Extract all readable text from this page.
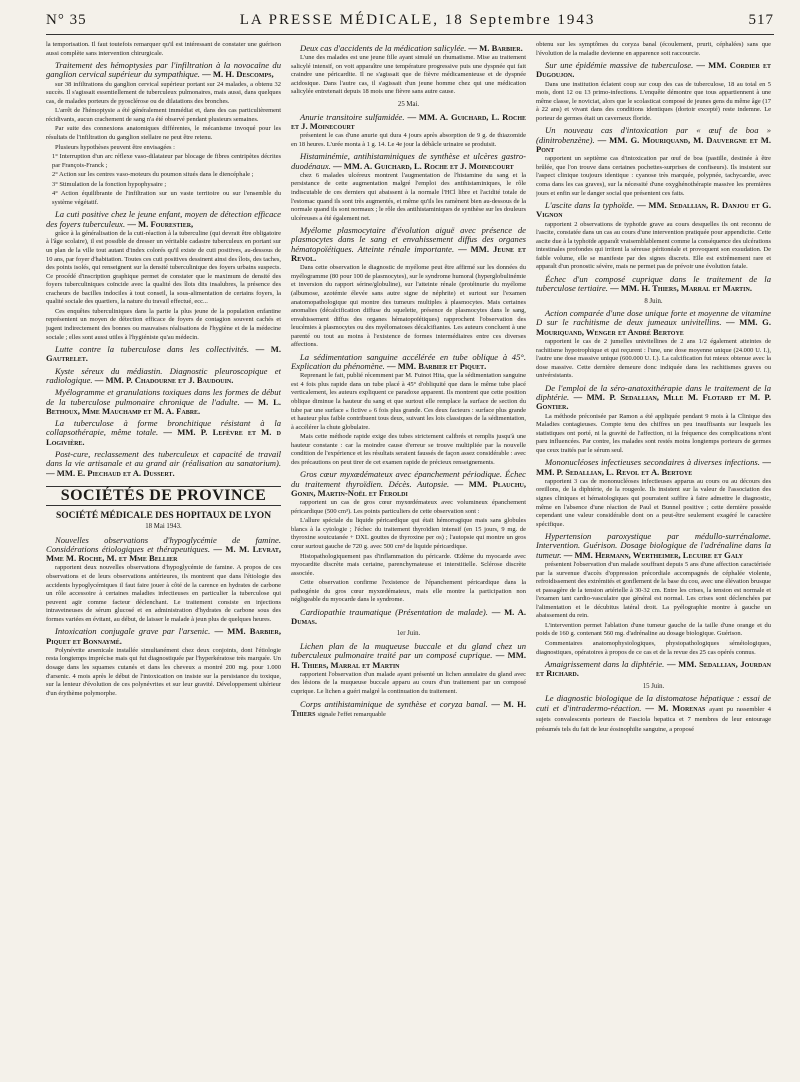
N° 35	LA PRESSE MÉDICALE, 18 Septembre 1943	517

la temporisation. Il faut toutefois remarquer qu'il est intéressant de constater une guérison aussi complète sans intervention chirurgicale.

Traitement des hémoptysies par l'infiltration à la novocaïne du ganglion cervical supérieur du sympathique. — M. H. Descomps,

sur 38 infiltrations du ganglion cervical supérieur portant sur 24 malades, a obtenu 32 succès. Il s'agissait essentiellement de tuberculeux pulmonaires, mais aussi, dans quelques cas, de malades porteurs de pyosclérose ou de dilatations des bronches.

L'arrêt de l'hémoptysie a été généralement immédiat et, dans des cas particulièrement récidivants, aucun crachement de sang n'a été observé pendant plusieurs semaines.

Par suite des connexions anatomiques différentes, le mécanisme invoqué pour les résultats de l'infiltration du ganglion stellaire ne peut être retenu.

Plusieurs hypothèses peuvent être envisagées :

1° Interruption d'un arc réflexe vaso-dilatateur par blocage de fibres centripètes décrites par François-Franck ;

2° Action sur les centres vaso-moteurs du poumon situés dans le diencéphale ;

3° Stimulation de la fonction hypophysaire ;

4° Action équilibrante de l'infiltration sur un vaste territoire ou sur l'ensemble du système végétatif.

La cuti positive chez le jeune enfant, moyen de détection efficace des foyers tuberculeux. — M. Fourestier,

grâce à la généralisation de la cuti-réaction à la tuberculine (qui devrait être obligatoire à l'âge scolaire), il est possible de dresser un véritable cadastre tuberculeux en portant sur un plan de la ville tout autant d'index colorés qu'il existe de cuti positives, au-dessous de 10 ans, par foyer d'habitation. Toutes ces cuti positives dessinent ainsi des îlots, des taches, des points isolés, qui renseignent sur la densité tuberculinique des foyers urbains suspects. Ce procédé d'inscription graphique permet de constater que le maximum de densité des foyers tuberculiniques coïncide avec la qualité des îlots dits insalubres, la présence des cracheurs de bacilles indociles à tout conseil, la sous-alimentation de certains foyers, la qualité sociale des quartiers, la nature du travail effectué, ecc...

Ces enquêtes tuberculiniques dans la partie la plus jeune de la population enfantine représentent un moyen de détection efficace de foyers de contagion souvent cachés et jugent indirectement des bonnes ou mauvaises réalisations de l'hygiène et de la médecine sociale ; elles sont aussi utiles à l'hygiéniste qu'au médecin.

Lutte contre la tuberculose dans les collectivités. — M. Gautrelet.

Kyste séreux du médiastin. Diagnostic pleuroscopique et radiologique. — MM. P. Chadourne et J. Baudouin.

Myélogramme et granulations toxiques dans les formes de début de la tuberculose pulmonaire chronique de l'adulte. — M. L. Bethoux, Mme Mauchamp et M. A. Fabre.

La tuberculose à forme bronchitique résistant à la collapsothérapie, même totale. — MM. P. Lefèvre et M. d Logivière.

Post-cure, reclassement des tuberculeux et capacité de travail dans la vie artisanale et au grand air (réalisation au sanatorium). — MM. E. Piechaud et A. Dussert.

SOCIÉTÉS DE PROVINCE
SOCIÉTÉ MÉDICALE DES HOPITAUX DE LYON
18 Mai 1943.

Nouvelles observations d'hypoglycémie de famine. Considérations étiologiques et thérapeutiques. — M. M. Levrat, Mme M. Roche, M. et Mme Bellier

rapportent deux nouvelles observations d'hypoglycémie de famine. A propos de ces observations et de leurs observations antérieures, ils montrent que dans l'étiologie des accidents hypoglycémiques il faut faire jouer à côté de la carence en hydrates de carbone un rôle accessoire à certaines maladies infectieuses en particulier la tuberculose qui peuvent agir comme facteur déclenchant. Le traitement consiste en injections intraveineuses de sérum glucosé et en administration d'hydrates de carbone sous des formes variées en évitant, au début, de laisser le malade à jeun plus de quelques heures.

Intoxication conjugale grave par l'arsenic. — MM. Barbier, Piquet et Bonnaymé.

Polynévrite arsenicale installée simultanément chez deux conjoints, dont l'étiologie resta longtemps imprécise mais qui fut diagnostiquée par l'hyperkératose très marquée. Un dosage dans les squames cutanés et dans les cheveux a montré 200 mg. pour 1.000 d'arsenic. 4 mois après le début de l'intoxication on insiste sur la persistance du toxique, sur la lenteur d'évolution de ces polynévrites et sur leur gravité. Développement ultérieur d'un érythème polymorphe.

Deux cas d'accidents de la médication salicylée. — M. Barbier.

L'une des malades est une jeune fille ayant simulé un rhumatisme. Mise au traitement salicylé intensif, on voit apparaître une température progressive puis une dyspnée qui fait craindre une péricardite. Il ne s'agissait que de fièvre médicamenteuse et de dyspnée acidosique. Dans l'autre cas, il s'agissait d'un jeune homme chez qui une médication salicylée entretenait depuis 18 mois une fièvre sans autre cause.

25 Mai.

Anurie transitoire sulfamidée. — MM. A. Guichard, L. Roche et J. Moinecourt

présentent le cas d'une anurie qui dura 4 jours après absorption de 9 g. de thiazomide en 18 heures. L'urée monta à 1 g. 14. Le 4e jour la débâcle urinaire se produisit.

Histaminémie, antihistaminiques de synthèse et ulcères gastro-duodénaux. — MM. A. Guichard, L. Roche et J. Moinecourt

chez 6 malades ulcéreux montrent l'augmentation de l'histamine du sang et la persistance de cette augmentation malgré l'emploi des antihistaminiques, le rôle indiscutable de ces derniers qui abaissent à la normale l'HCl libre et l'acidité totale de l'estomac quand ils sont très augmentés, et même qu'ils les ramènent bien au-dessous de la normale quand ils sont normaux ; le rôle des antihistaminiques de synthèse sur les douleurs ulcéreuses a été également net.

Myélome plasmocytaire d'évolution aiguë avec présence de plasmocytes dans le sang et envahissement diffus des organes hématopoïétiques. Atteinte rénale importante. — MM. Jeune et Revol.

Dans cette observation le diagnostic de myélome peut être affirmé sur les données du myélogramme (80 pour 100 de plasmocytes), sur le syndrome humoral (hyperglobulinémie et inversion du rapport sérine/globuline), sur l'atteinte rénale (protéinurie du myélome (albumose, azotémie élevée sans autre signe de néphrite) et surtout sur l'examen anatomopathologique qui montre des tumeurs multiples à plasmocytes. Mais certaines anomalies (décalcification diffuse du squelette, présence de plasmocytes dans le sang, envahissement diffus des organes hématopoïétiques) rapprochent l'observation des leucémies à plasmocytes ou des myélomatoses décalcifiantes. Les auteurs concluent à une parenté ou tout au moins à l'existence de formes intermédiaires entre ces diverses affections.

La sédimentation sanguine accélérée en tube oblique à 45°. Explication du phénomène. — MM. Barbier et Piquet.

Reprenant le fait, publié récemment par M. Fuinot Hita, que la sédimentation sanguine est 4 fois plus rapide dans un tube placé à 45° d'obliquité que dans le même tube placé verticalement, les auteurs expliquent ce paradoxe apparent. Ils montrent que cette position oblique diminue la hauteur du sang et que surtout elle remplace la surface de section du tube par une surface « fictive » 6 fois plus grande. Ces deux facteurs : surface plus grande et hauteur plus faible contribuent tous deux, suivant les lois classiques de la sédimentation, à accélérer la chute globulaire.

Mais cette méthode rapide exige des tubes strictement calibrés et remplis jusqu'à une hauteur constante : car la moindre cause d'erreur se trouve multipliée par la nouvelle condition de l'expérience et les résultats seraient faussés de façon assez considérable : avec des précautions on peut tirer de cet examen rapide de précieux renseignements.

Gros cœur myxœdémateux avec épanchement périodique. Échec du traitement thyroïdien. Décès. Autopsie. — MM. Plauchu, Gonin, Martin-Noël et Feroldi

rapportent un cas de gros cœur myxœdémateux avec volumineux épanchement péricardique (500 cm³). Les points particuliers de cette observation sont :

L'allure spéciale du liquide péricardique qui était hémorragique mais sans globules blancs à la cytologie ; l'échec du traitement thyroïdien intensif (en 15 jours, 9 mg. de thyroxine soutcutanée + DXL gouttes de thyroxine per os) ; l'autopsie qui montre un gros cœur surtout gauche de 720 g. avec 500 cm³ de liquide péricardique.

Histopathologiquement pas d'inflammation du péricarde. Œdème du myocarde avec myocardite discrète mais certaine, parenchymateuse et interstitielle. Sclérose discrète associée.

Cette observation confirme l'existence de l'épanchement péricardique dans la pathogénie du gros cœur myxœdémateux, mais elle montre la participation non négligeable du myocarde dans le syndrome.

Cardiopathie traumatique (Présentation de malade). — M. A. Dumas.

1er Juin.

Lichen plan de la muqueuse buccale et du gland chez un tuberculeux pulmonaire traité par un composé cuprique. — MM. H. Thiers, Marral et Martin

rapportent l'observation d'un malade ayant présenté un lichen annulaire du gland avec des lésions de la muqueuse buccale apparu au cours d'un traitement par un composé cuprique. Le lichen a guéri malgré la continuation du traitement.

Corps antihistaminique de synthèse et coryza banal. — M. H. Thiers signale l'effet remarquable

obtenu sur les symptômes du coryza banal (écoulement, prurit, céphalées) sans que l'évolution de la maladie devienne en apparence soit raccourcie.

Sur une épidémie massive de tuberculose. — MM. Cordier et Dugoujon.

Dans une institution éclatent coup sur coup des cas de tuberculose, 18 au total en 5 mois, dont 12 ou 13 primo-infections. L'enquête démontre que tous appartiennent à une même classe, le noviciat, alors que le scolasticat composé de jeunes gens du même âge (17 à 22 ans) et vivant dans des conditions identiques (dortoir excepté) reste indemne. Le porteur de germes était un caverneux floride.

Un nouveau cas d'intoxication par « œuf de boa » (dinitrobenzène). — MM. G. Mouriquand, M. Dauvergne et M. Pont

rapportent un septième cas d'intoxication par œuf de boa (pastille, destinée à être brûlée, que l'on trouve dans certaines pochettes-surprises de confiseurs). Ils insistent sur l'aspect clinique toujours identique : cyanose très marquée, polypnée, tachycardie, avec coma dans les cas graves), sur la nécessité d'une oxyghénothérapie massive les premières jours et enfin sur le danger social que présentent ces faits.

L'ascite dans la typhoïde. — MM. Sedallian, R. Danjou et G. Vignon

rapportent 2 observations de typhoïde grave au cours desquelles ils ont reconnu de l'ascite, constatée dans un cas au cours d'une intervention pratiquée pour appendicite. Cette ascite due à la typhoïde apparaît vraisemblablement comme la conséquence des ulcérations intestinales profondes qui irritent la séreuse péritonéale et provoquent son exsudation. De faible volume, elle se manifeste par des signes discrets. Elle est extrêmement rare et apparaît d'un pronostic sévère, mais ne permet pas de prévoir une évolution fatale.

Échec d'un composé cuprique dans le traitement de la tuberculose tertiaire. — MM. H. Thiers, Marral et Martin.

8 Juin.

Action comparée d'une dose unique forte et moyenne de vitamine D sur le rachitisme de deux jumeaux univitellins. — MM. G. Mouriquand, Wenger et André Bertoye

rapportent le cas de 2 jumelles univitellines de 2 ans 1/2 également atteintes de rachitisme hypotrophique et qui reçurent : l'une, une dose moyenne unique (24.000 U. I.), l'autre une dose massive unique (600.000 U. I.). La calcification fut mieux obtenue avec la dose massive. Cette dernière demeure donc indiquée dans les rachitismes graves ou univérsistants.

De l'emploi de la séro-anatoxithérapie dans le traitement de la diphtérie. — MM. P. Sedallian, Mlle M. Flotard et M. P. Gontier.

La méthode préconisée par Ramon a été appliquée pendant 9 mois à la Clinique des Maladies contagieuses. Compte tenu des chiffres un peu insuffisants sur lesquels les statistiques ont porté, ni la gravité de l'affection, ni la fréquence des complications n'ont paru influencées. Par contre, les malades sont restés moins longtemps porteurs de germes que ceux traités par le sérum seul.

Mononucléoses infectieuses secondaires à diverses infections. — MM. P. Sedallian, L. Revol et A. Bertoye

rapportent 3 cas de mononucléoses infectieuses apparus au cours ou au décours des oreillons, de la diphtérie, de la rougeole. Ils insistent sur la valeur de l'association des signes cliniques et hématologiques qui pourraient suffire à faire admettre le diagnostic, même en l'absence d'une réaction de Paul et Bunnel positive ; cette dernière possède cependant une valeur considérable dont on a peut-être seulement exagéré le caractère spécifique.

Hypertension paroxystique par médullo-surrénalome. Intervention. Guérison. Dosage biologique de l'adrénaline dans la tumeur. — MM. Hermann, Wertheimer, Lecuire et Galy

présentent l'observation d'un malade souffrant depuis 5 ans d'une affection caractérisée par la survenue d'accès d'oppression précordiale accompagnés de céphalée violente, refroidissement des extrémités et gonflement de la base du cou, avec une élévation brusque et passagère de la tension artérielle à 30-32 cm. Entre les crises, la tension est normale et l'examen tant cardio-vasculaire que général est normal. Les crises sont déclenchées par l'alimentation et le décubitus latéral droit. La pyélographie montre à gauche un abaissement du rein.

L'intervention permet l'ablation d'une tumeur gauche de la taille d'une orange et du poids de 160 g. contenant 560 mg. d'adrénaline au dosage biologique. Guérison.

Commentaires anatomophysiologiques, physiopathologiques séméiologiques, diagnostiques, opératoires à propos de ce cas et de la revue des 25 cas opérés connus.

Amaigrissement dans la diphtérie. — MM. Sedallian, Jourdan et Richard.

15 Juin.

Le diagnostic biologique de la distomatose hépatique : essai de cuti et d'intradermo-réaction. — M. Morenas ayant pu rassembler 4 sujets convalescents porteurs de Fasciola hepatica et 7 membres de leur entourage présumés tels du fait de leur éosinophilie sanguine, a proposé
